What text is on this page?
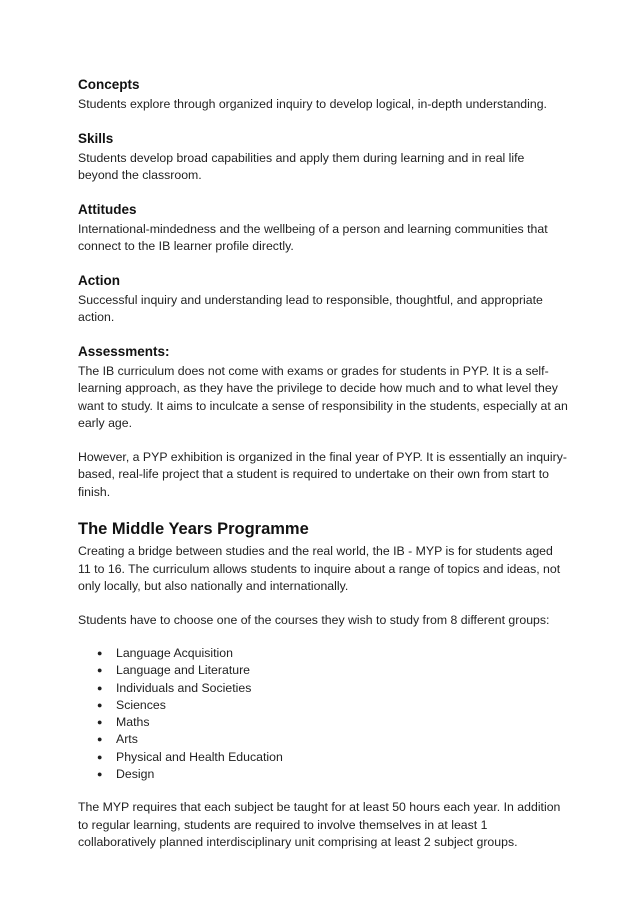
Concepts

Students explore through organized inquiry to develop logical, in-depth understanding.

Skills

Students develop broad capabilities and apply them during learning and in real life beyond the classroom.

Attitudes

International-mindedness and the wellbeing of a person and learning communities that connect to the IB learner profile directly.

Action

Successful inquiry and understanding lead to responsible, thoughtful, and appropriate action.

Assessments:

The IB curriculum does not come with exams or grades for students in PYP. It is a self-learning approach, as they have the privilege to decide how much and to what level they want to study. It aims to inculcate a sense of responsibility in the students, especially at an early age.

However, a PYP exhibition is organized in the final year of PYP. It is essentially an inquiry-based, real-life project that a student is required to undertake on their own from start to finish.

The Middle Years Programme

Creating a bridge between studies and the real world, the IB - MYP is for students aged 11 to 16. The curriculum allows students to inquire about a range of topics and ideas, not only locally, but also nationally and internationally.

Students have to choose one of the courses they wish to study from 8 different groups:

● Language Acquisition
● Language and Literature
● Individuals and Societies
● Sciences
● Maths
● Arts
● Physical and Health Education
● Design

The MYP requires that each subject be taught for at least 50 hours each year. In addition to regular learning, students are required to involve themselves in at least 1 collaboratively planned interdisciplinary unit comprising at least 2 subject groups.
